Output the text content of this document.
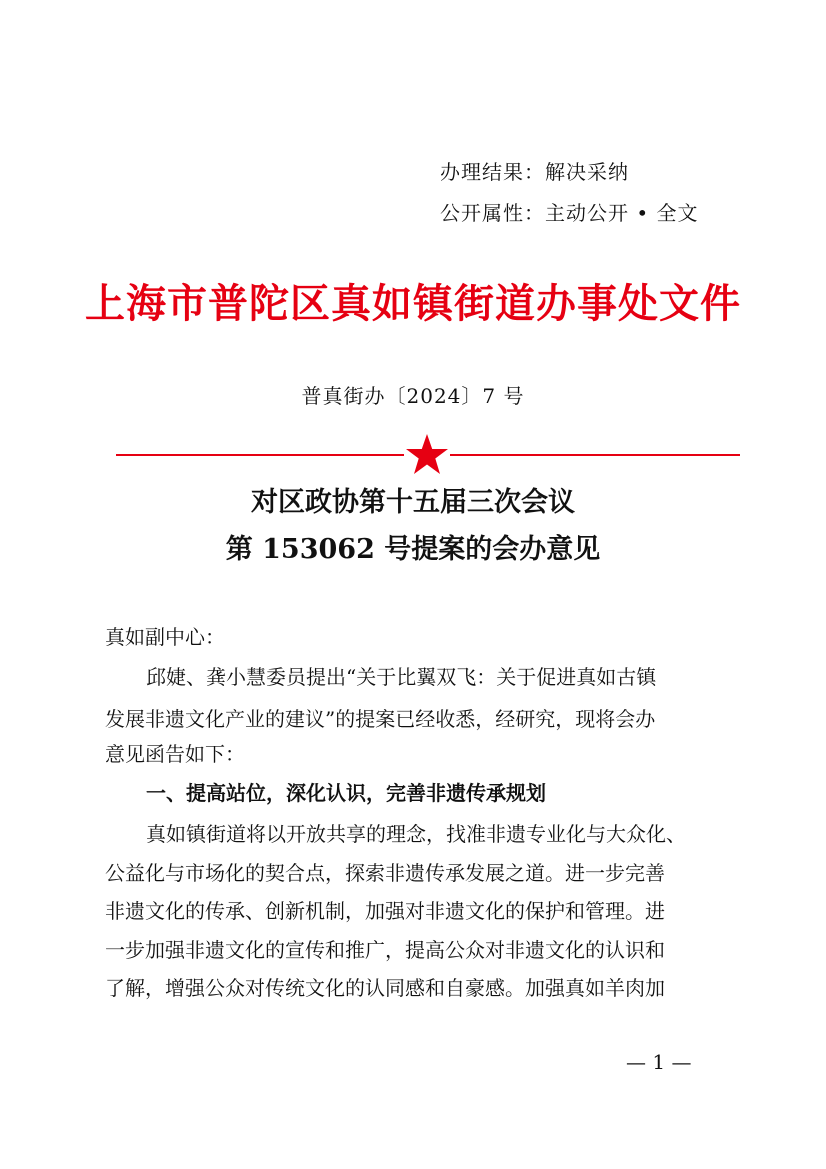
办理结果：解决采纳
公开属性：主动公开 • 全文
上海市普陀区真如镇街道办事处文件
普真街办〔2024〕7 号
对区政协第十五届三次会议
第 153062 号提案的会办意见
真如副中心：
邱婕、龚小慧委员提出“关于比翼双飞：关于促进真如古镇
发展非遗文化产业的建议”的提案已经收悉，经研究，现将会办
意见函告如下：
一、提高站位，深化认识，完善非遗传承规划
真如镇街道将以开放共享的理念，找准非遗专业化与大众化、
公益化与市场化的契合点，探索非遗传承发展之道。进一步完善
非遗文化的传承、创新机制，加强对非遗文化的保护和管理。进
一步加强非遗文化的宣传和推广，提高公众对非遗文化的认识和
了解，增强公众对传统文化的认同感和自豪感。加强真如羊肉加
— 1 —
